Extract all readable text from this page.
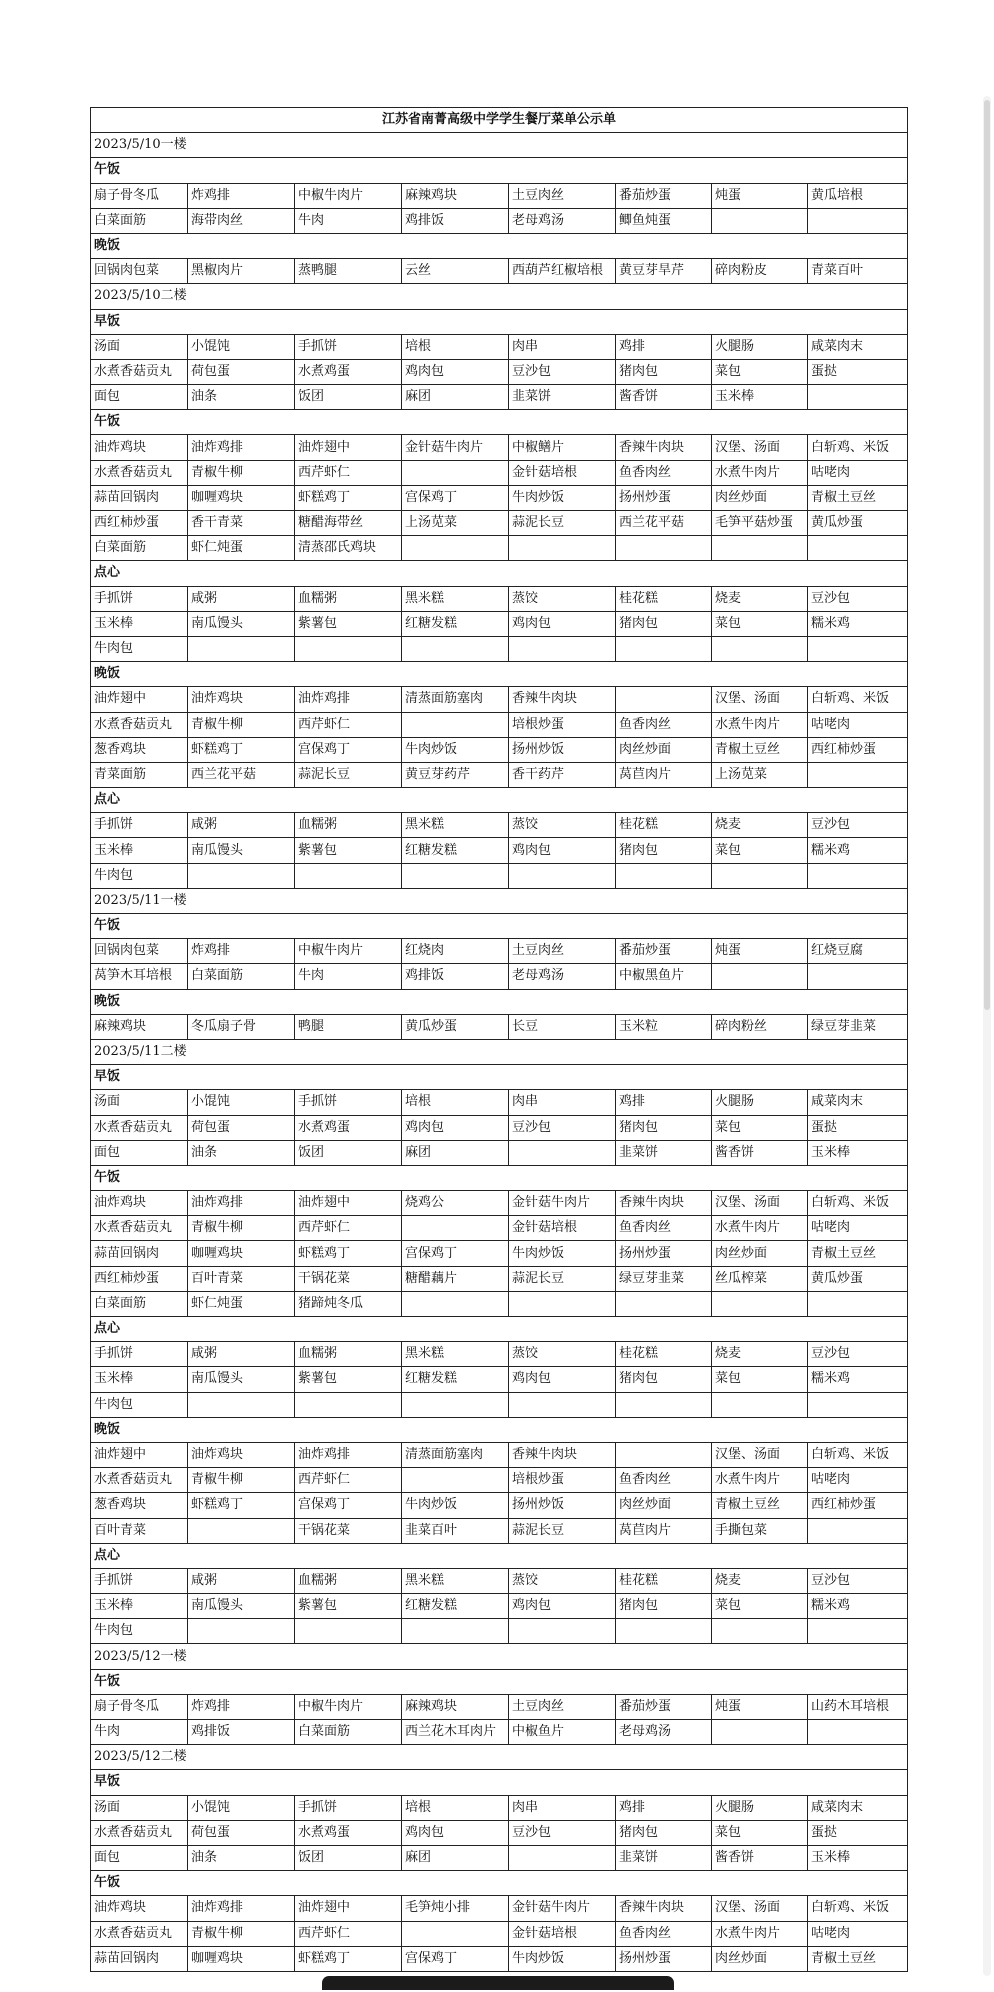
江苏省南菁高级中学学生餐厅菜单公示单							
2023/5/10一楼							
午饭							
扇子骨冬瓜	炸鸡排	中椒牛肉片	麻辣鸡块	土豆肉丝	番茄炒蛋	炖蛋	黄瓜培根
白菜面筋	海带肉丝	牛肉	鸡排饭	老母鸡汤	鲫鱼炖蛋		
晚饭							
回锅肉包菜	黑椒肉片	蒸鸭腿	云丝	西葫芦红椒培根	黄豆芽旱芹	碎肉粉皮	青菜百叶
2023/5/10二楼							
早饭							
汤面	小馄饨	手抓饼	培根	肉串	鸡排	火腿肠	咸菜肉末
水煮香菇贡丸	荷包蛋	水煮鸡蛋	鸡肉包	豆沙包	猪肉包	菜包	蛋挞
面包	油条	饭团	麻团	韭菜饼	酱香饼	玉米棒	
午饭							
油炸鸡块	油炸鸡排	油炸翅中	金针菇牛肉片	中椒鳝片	香辣牛肉块	汉堡、汤面	白斩鸡、米饭
水煮香菇贡丸	青椒牛柳	西芹虾仁		金针菇培根	鱼香肉丝	水煮牛肉片	咕咾肉
蒜苗回锅肉	咖喱鸡块	虾糕鸡丁	宫保鸡丁	牛肉炒饭	扬州炒蛋	肉丝炒面	青椒土豆丝
西红柿炒蛋	香干青菜	糖醋海带丝	上汤苋菜	蒜泥长豆	西兰花平菇	毛笋平菇炒蛋	黄瓜炒蛋
白菜面筋	虾仁炖蛋	清蒸邵氏鸡块					
点心							
手抓饼	咸粥	血糯粥	黑米糕	蒸饺	桂花糕	烧麦	豆沙包
玉米棒	南瓜馒头	紫薯包	红糖发糕	鸡肉包	猪肉包	菜包	糯米鸡
牛肉包							
晚饭							
油炸翅中	油炸鸡块	油炸鸡排	清蒸面筋塞肉	香辣牛肉块		汉堡、汤面	白斩鸡、米饭
水煮香菇贡丸	青椒牛柳	西芹虾仁		培根炒蛋	鱼香肉丝	水煮牛肉片	咕咾肉
葱香鸡块	虾糕鸡丁	宫保鸡丁	牛肉炒饭	扬州炒饭	肉丝炒面	青椒土豆丝	西红柿炒蛋
青菜面筋	西兰花平菇	蒜泥长豆	黄豆芽药芹	香干药芹	莴苣肉片	上汤苋菜	
点心							
手抓饼	咸粥	血糯粥	黑米糕	蒸饺	桂花糕	烧麦	豆沙包
玉米棒	南瓜馒头	紫薯包	红糖发糕	鸡肉包	猪肉包	菜包	糯米鸡
牛肉包							
2023/5/11一楼							
午饭							
回锅肉包菜	炸鸡排	中椒牛肉片	红烧肉	土豆肉丝	番茄炒蛋	炖蛋	红烧豆腐
莴笋木耳培根	白菜面筋	牛肉	鸡排饭	老母鸡汤	中椒黑鱼片		
晚饭							
麻辣鸡块	冬瓜扇子骨	鸭腿	黄瓜炒蛋	长豆	玉米粒	碎肉粉丝	绿豆芽韭菜
2023/5/11二楼							
早饭							
汤面	小馄饨	手抓饼	培根	肉串	鸡排	火腿肠	咸菜肉末
水煮香菇贡丸	荷包蛋	水煮鸡蛋	鸡肉包	豆沙包	猪肉包	菜包	蛋挞
面包	油条	饭团	麻团		韭菜饼	酱香饼	玉米棒
午饭							
油炸鸡块	油炸鸡排	油炸翅中	烧鸡公	金针菇牛肉片	香辣牛肉块	汉堡、汤面	白斩鸡、米饭
水煮香菇贡丸	青椒牛柳	西芹虾仁		金针菇培根	鱼香肉丝	水煮牛肉片	咕咾肉
蒜苗回锅肉	咖喱鸡块	虾糕鸡丁	宫保鸡丁	牛肉炒饭	扬州炒蛋	肉丝炒面	青椒土豆丝
西红柿炒蛋	百叶青菜	干锅花菜	糖醋藕片	蒜泥长豆	绿豆芽韭菜	丝瓜榨菜	黄瓜炒蛋
白菜面筋	虾仁炖蛋	猪蹄炖冬瓜					
点心							
手抓饼	咸粥	血糯粥	黑米糕	蒸饺	桂花糕	烧麦	豆沙包
玉米棒	南瓜馒头	紫薯包	红糖发糕	鸡肉包	猪肉包	菜包	糯米鸡
牛肉包							
晚饭							
油炸翅中	油炸鸡块	油炸鸡排	清蒸面筋塞肉	香辣牛肉块		汉堡、汤面	白斩鸡、米饭
水煮香菇贡丸	青椒牛柳	西芹虾仁		培根炒蛋	鱼香肉丝	水煮牛肉片	咕咾肉
葱香鸡块	虾糕鸡丁	宫保鸡丁	牛肉炒饭	扬州炒饭	肉丝炒面	青椒土豆丝	西红柿炒蛋
百叶青菜		干锅花菜	韭菜百叶	蒜泥长豆	莴苣肉片	手撕包菜	
点心							
手抓饼	咸粥	血糯粥	黑米糕	蒸饺	桂花糕	烧麦	豆沙包
玉米棒	南瓜馒头	紫薯包	红糖发糕	鸡肉包	猪肉包	菜包	糯米鸡
牛肉包							
2023/5/12一楼							
午饭							
扇子骨冬瓜	炸鸡排	中椒牛肉片	麻辣鸡块	土豆肉丝	番茄炒蛋	炖蛋	山药木耳培根
牛肉	鸡排饭	白菜面筋	西兰花木耳肉片	中椒鱼片	老母鸡汤		
2023/5/12二楼							
早饭							
汤面	小馄饨	手抓饼	培根	肉串	鸡排	火腿肠	咸菜肉末
水煮香菇贡丸	荷包蛋	水煮鸡蛋	鸡肉包	豆沙包	猪肉包	菜包	蛋挞
面包	油条	饭团	麻团		韭菜饼	酱香饼	玉米棒
午饭							
油炸鸡块	油炸鸡排	油炸翅中	毛笋炖小排	金针菇牛肉片	香辣牛肉块	汉堡、汤面	白斩鸡、米饭
水煮香菇贡丸	青椒牛柳	西芹虾仁		金针菇培根	鱼香肉丝	水煮牛肉片	咕咾肉
蒜苗回锅肉	咖喱鸡块	虾糕鸡丁	宫保鸡丁	牛肉炒饭	扬州炒蛋	肉丝炒面	青椒土豆丝
